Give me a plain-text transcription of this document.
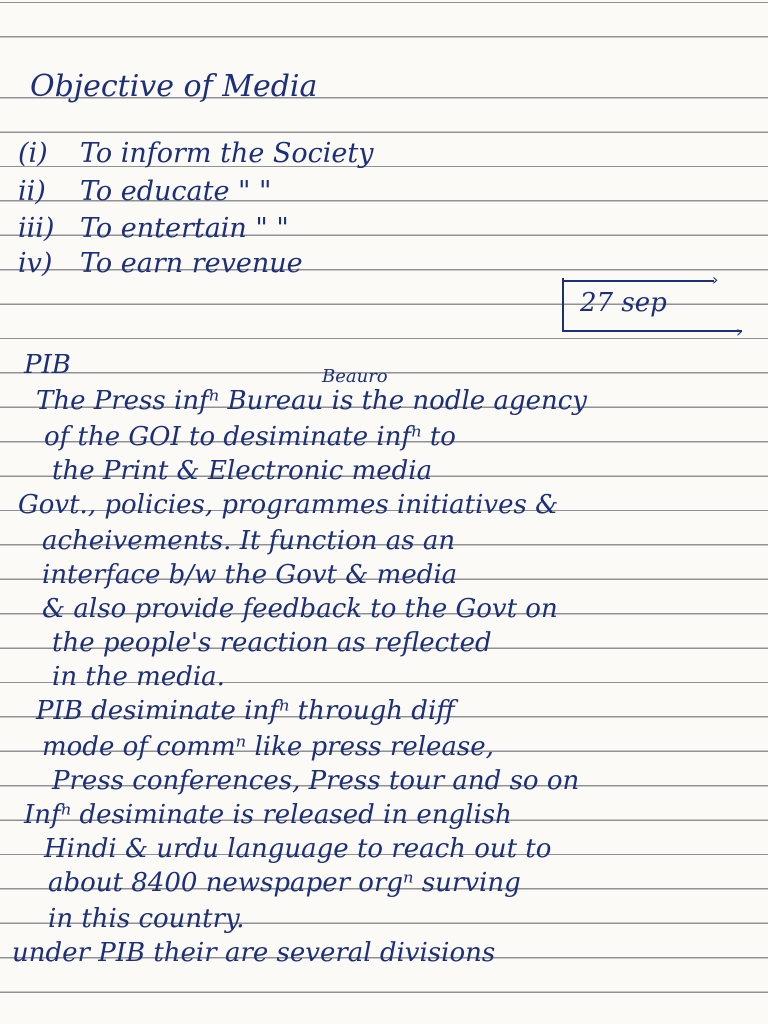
Objective of Media
(i) To inform the Society
ii) To educate " "
iii) To entertain " "
iv) To earn revenue
›
›
27 sep
PIB	Beauro
The Press infⁿ Bureau is the nodle agency
of the GOI to desiminate infⁿ to
the Print & Electronic media
Govt., policies, programmes initiatives &
acheivements. It function as an
interface b/w the Govt & media
& also provide feedback to the Govt on
the people's reaction as reflected
in the media.
PIB desiminate infⁿ through diff
mode of commⁿ like press release,
Press conferences, Press tour and so on
Infⁿ desiminate is released in english
Hindi & urdu language to reach out to
about 8400 newspaper orgⁿ surving
in this country.
under PIB their are several divisions
